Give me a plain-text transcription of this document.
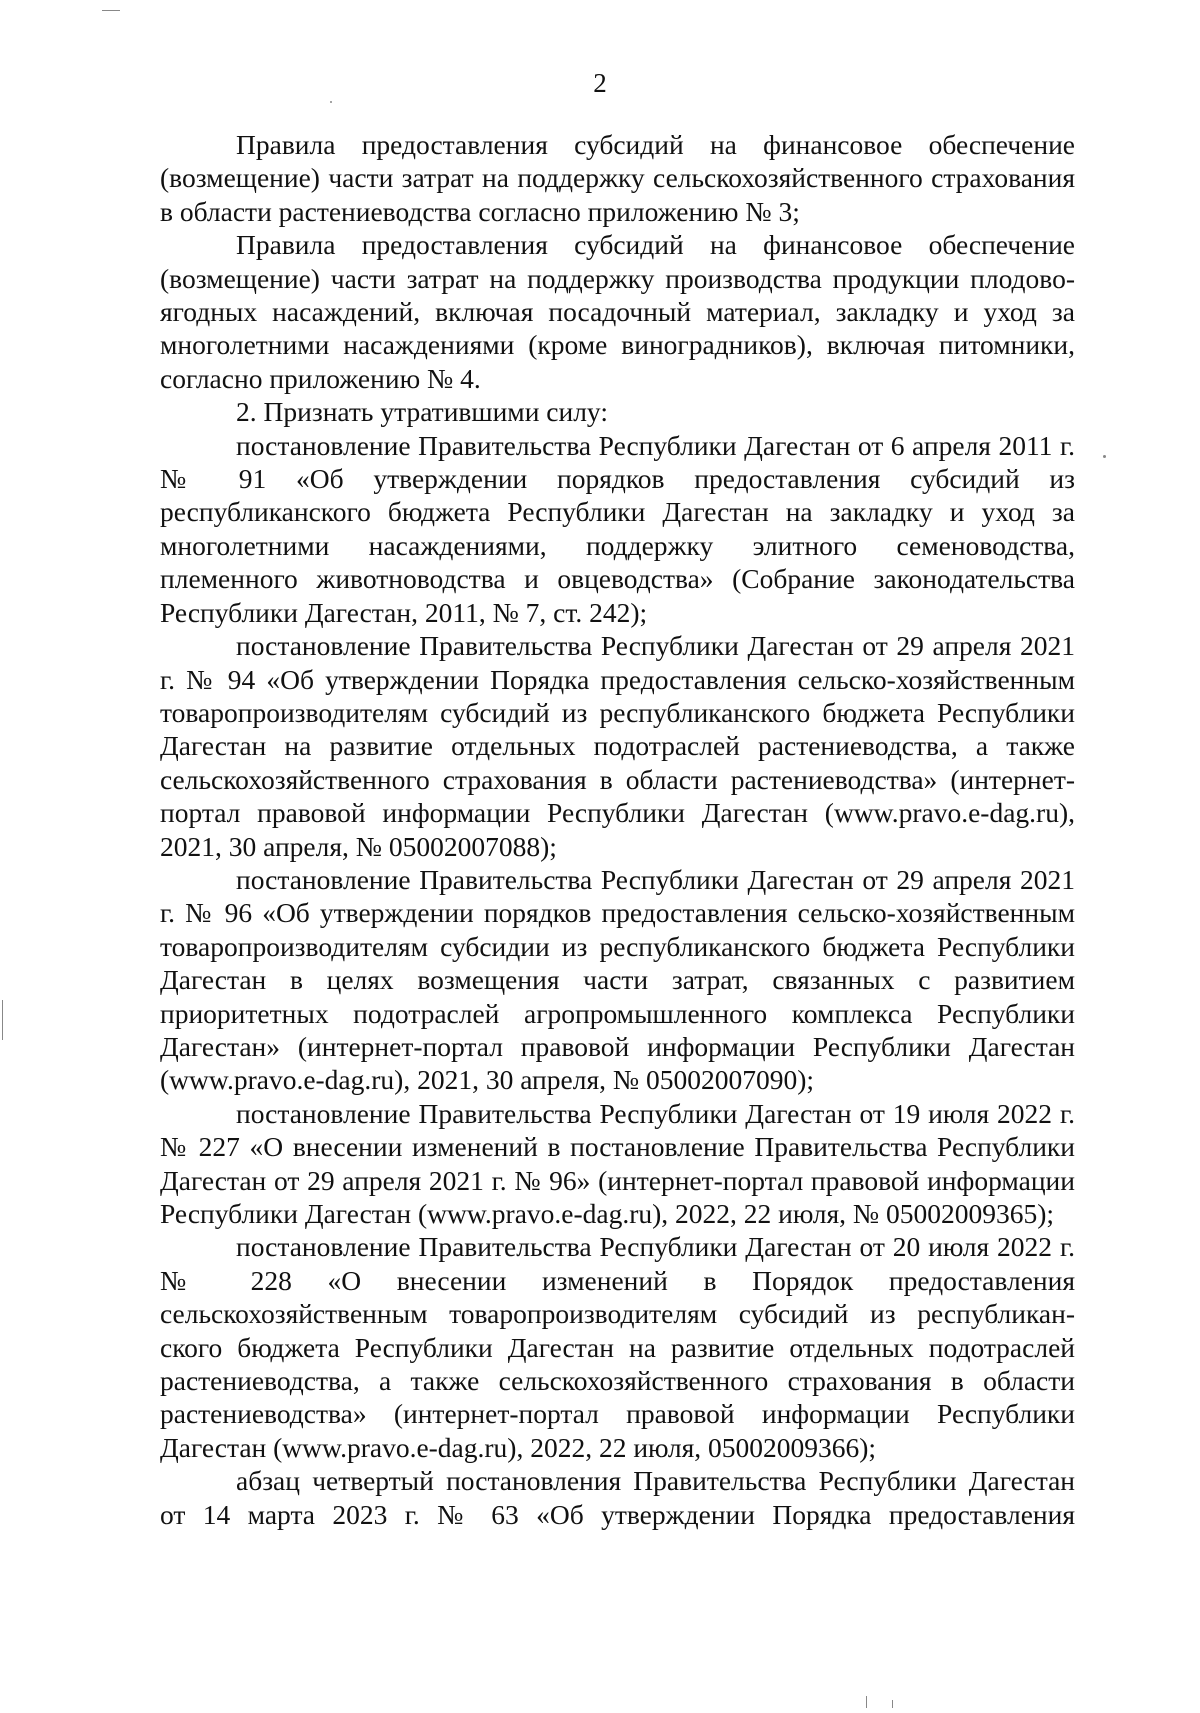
2

Правила предоставления субсидий на финансовое обеспечение (возмещение) части затрат на поддержку сельскохозяйственного страхования в области растениеводства согласно приложению № 3;

Правила предоставления субсидий на финансовое обеспечение (возмещение) части затрат на поддержку производства продукции плодово-ягодных насаждений, включая посадочный материал, закладку и уход за многолетними насаждениями (кроме виноградников), включая питомники, согласно приложению № 4.

2. Признать утратившими силу:

постановление Правительства Республики Дагестан от 6 апреля 2011 г. № 91 «Об утверждении порядков предоставления субсидий из республиканского бюджета Республики Дагестан на закладку и уход за многолетними насаждениями, поддержку элитного семеноводства, племенного животноводства и овцеводства» (Собрание законодательства Республики Дагестан, 2011, № 7, ст. 242);

постановление Правительства Республики Дагестан от 29 апреля 2021 г. № 94 «Об утверждении Порядка предоставления сельско-хозяйственным товаропроизводителям субсидий из республиканского бюджета Республики Дагестан на развитие отдельных подотраслей растениеводства, а также сельскохозяйственного страхования в области растениеводства» (интернет-портал правовой информации Республики Дагестан (www.pravo.e-dag.ru), 2021, 30 апреля, № 05002007088);

постановление Правительства Республики Дагестан от 29 апреля 2021 г. № 96 «Об утверждении порядков предоставления сельско-хозяйственным товаропроизводителям субсидии из республиканского бюджета Республики Дагестан в целях возмещения части затрат, связанных с развитием приоритетных подотраслей агропромышленного комплекса Республики Дагестан» (интернет-портал правовой информации Республики Дагестан (www.pravo.e-dag.ru), 2021, 30 апреля, № 05002007090);

постановление Правительства Республики Дагестан от 19 июля 2022 г. № 227 «О внесении изменений в постановление Правительства Республики Дагестан от 29 апреля 2021 г. № 96» (интернет-портал правовой информации Республики Дагестан (www.pravo.e-dag.ru), 2022, 22 июля, № 05002009365);

постановление Правительства Республики Дагестан от 20 июля 2022 г. № 228 «О внесении изменений в Порядок предоставления сельскохозяйственным товаропроизводителям субсидий из республикан-ского бюджета Республики Дагестан на развитие отдельных подотраслей растениеводства, а также сельскохозяйственного страхования в области растениеводства» (интернет-портал правовой информации Республики Дагестан (www.pravo.e-dag.ru), 2022, 22 июля, 05002009366);

абзац четвертый постановления Правительства Республики Дагестан от 14 марта 2023 г. № 63 «Об утверждении Порядка предоставления
